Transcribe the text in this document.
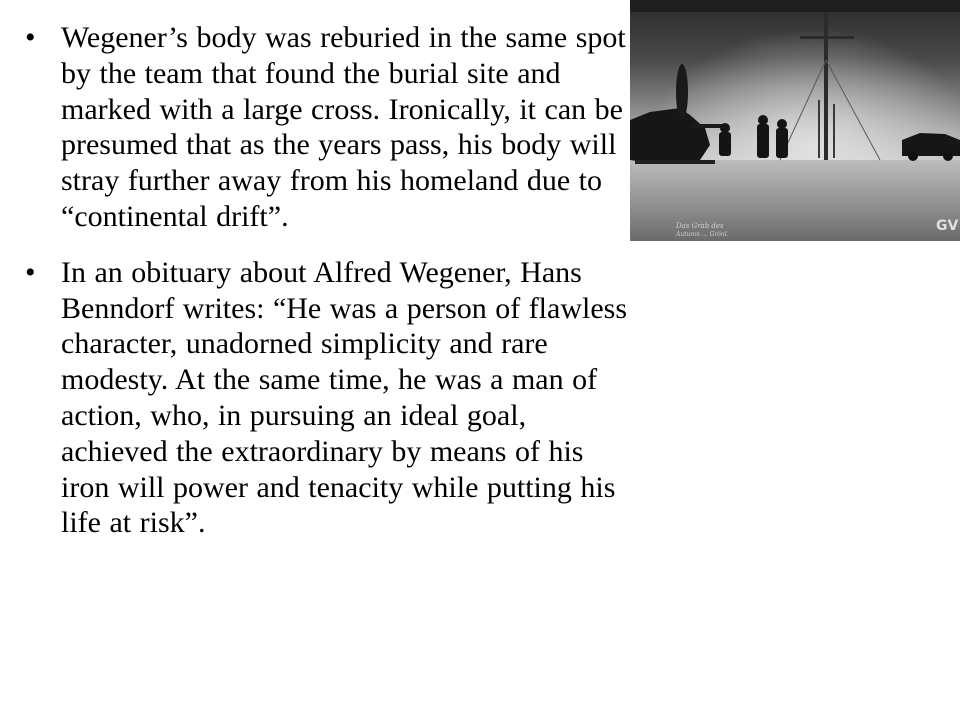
• Wegener’s body was reburied in the same spot by the team that found the burial site and marked with a large cross. Ironically, it can be presumed that as the years pass, his body will stray further away from his homeland due to “continental drift”.
• In an obituary about Alfred Wegener, Hans Benndorf writes: “He was a person of flawless character, unadorned simplicity and rare modesty. At the same time, he was a man of action, who, in pursuing an ideal goal, achieved the extraordinary by means of his iron will power and tenacity while putting his life at risk”.
Das Grab des
Autumn ... Grönl.
GV
